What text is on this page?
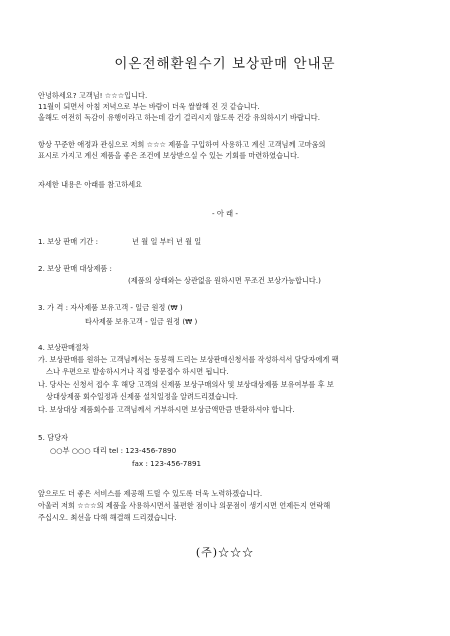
이온전해환원수기 보상판매 안내문
안녕하세요? 고객님! ☆☆☆입니다.
11월이 되면서 아침 저녁으로 부는 바람이 더욱 쌀쌀해 진 것 같습니다.
올해도 여전히 독감이 유행이라고 하는데 감기 걸리시지 않도록 건강 유의하시기 바랍니다.
항상 꾸준한 애정과 관심으로 저희 ☆☆☆ 제품을 구입하여 사용하고 계신 고객님께 고마움의
표시로 가지고 계신 제품을 좋은 조건에 보상받으실 수 있는 기회를 마련하였습니다.
자세한 내용은 아래를 참고하세요
- 아 래 -
1. 보상 판매 기간 :	년 월 일 부터 년 월 일
2. 보상 판매 대상제품 :
(제품의 상태와는 상관없음 원하시면 무조건 보상가능합니다.)
3. 가 격 : 자사제품 보유고객 - 일금 원정 (₩ )
타사제품 보유고객 - 일금 원정 (₩ )
4. 보상판매절차
가. 보상판매를 원하는 고객님께서는 동봉해 드리는 보상판매신청서를 작성하셔서 담당자에게 팩
스나 우편으로 발송하시거나 직접 방문접수 하시면 됩니다.
나. 당사는 신청서 접수 후 해당 고객의 신제품 보상구매의사 및 보상대상제품 보유여부를 후 보
상대상제품 회수일정과 신제품 설치일정을 알려드리겠습니다.
다. 보상대상 제품회수를 고객님께서 거부하시면 보상금액만큼 반환하셔야 합니다.
5. 담당자
○○부 ○○○ 대리 tel : 123-456-7890
fax : 123-456-7891
앞으로도 더 좋은 서비스를 제공해 드릴 수 있도록 더욱 노력하겠습니다.
아울러 저희 ☆☆☆의 제품을 사용하시면서 불편한 점이나 의문점이 생기시면 언제든지 연락해
주십시오. 최선을 다해 해결해 드리겠습니다.
(주)☆☆☆
